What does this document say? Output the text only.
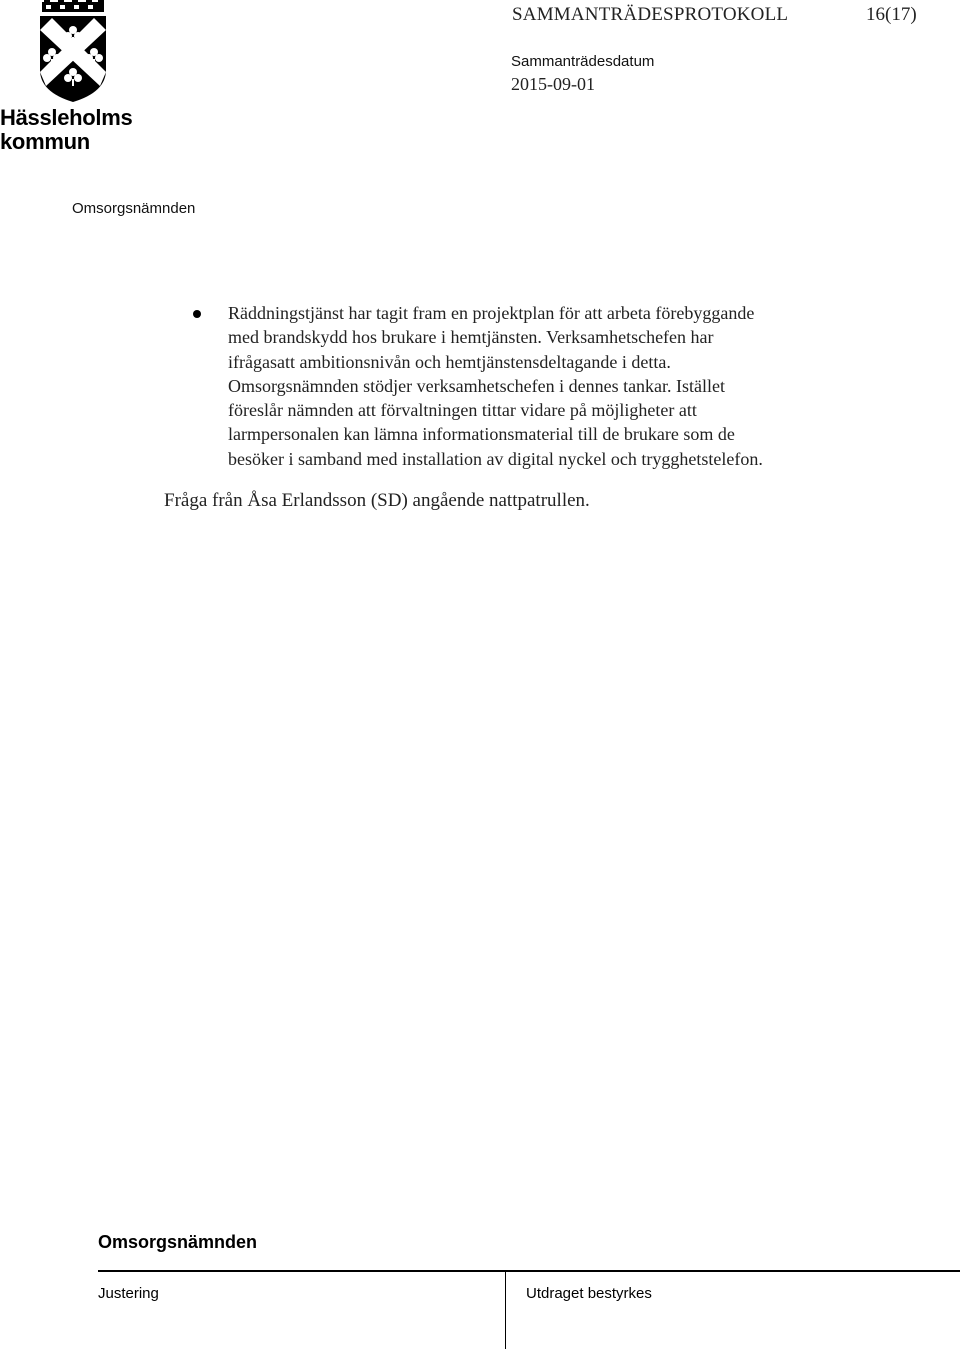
Hässleholms
kommun
SAMMANTRÄDESPROTOKOLL	16(17)
Sammanträdesdatum
2015-09-01
Omsorgsnämnden
Räddningstjänst har tagit fram en projektplan för att arbeta förebyggande
med brandskydd hos brukare i hemtjänsten. Verksamhetschefen har
ifrågasatt ambitionsnivån och hemtjänstensdeltagande i detta.
Omsorgsnämnden stödjer verksamhetschefen i dennes tankar. Istället
föreslår nämnden att förvaltningen tittar vidare på möjligheter att
larmpersonalen kan lämna informationsmaterial till de brukare som de
besöker i samband med installation av digital nyckel och trygghetstelefon.
Fråga från Åsa Erlandsson (SD) angående nattpatrullen.
Omsorgsnämnden
Justering	Utdraget bestyrkes
